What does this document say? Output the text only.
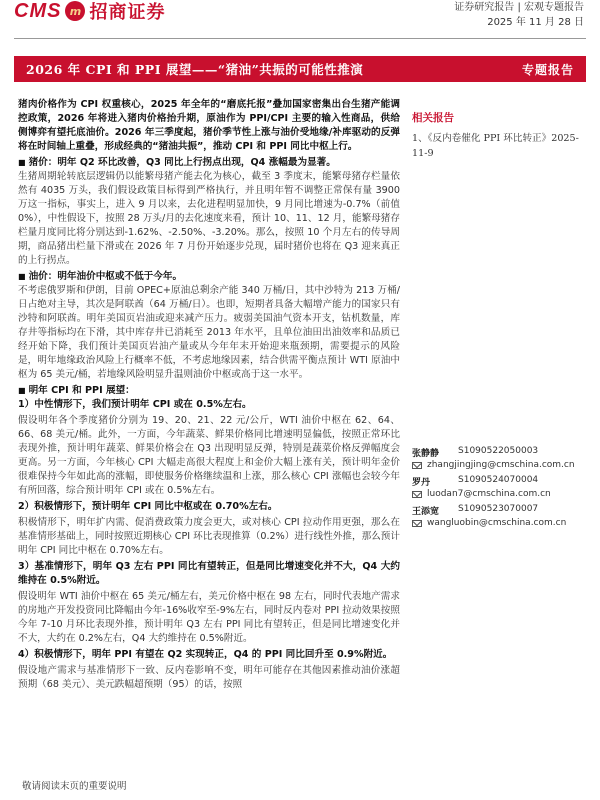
CMS m 招商证券	证券研究报告 | 宏观专题报告
2025 年 11 月 28 日
2026 年 CPI 和 PPI 展望——“猪油”共振的可能性推演	专题报告

猪肉价格作为 CPI 权重核心，2025 年全年的“磨底托报”叠加国家密集出台生猪产能调控政策，2026 年将进入猪肉价格抬升期，原油作为 PPI/CPI 主要的输入性商品，供给侧博弈有望托底油价。2026 年三季度起，猪价季节性上涨与油价受地缘/补库驱动的反弹将在时间轴上重叠，形成经典的“猪油共振”，推动 CPI 和 PPI 同比中枢上行。

■ 猪价：明年 Q2 环比改善，Q3 同比上行拐点出现，Q4 涨幅最为显著。

生猪周期轮转底层逻辑仍以能繁母猪产能去化为核心，截至 3 季度末，能繁母猪存栏量依然有 4035 万头，我们假设政策目标得到严格执行，并且明年暂不调整正常保有量 3900 万这一指标，事实上，进入 9 月以来，去化进程明显加快，9 月同比增速为-0.7%（前值 0%），中性假设下，按照 28 万头/月的去化速度来看，预计 10、11、12 月，能繁母猪存栏量月度同比将分别达到-1.62%、-2.50%、-3.20%。那么，按照 10 个月左右的传导周期，商品猪出栏量下滑或在 2026 年 7 月份开始逐步兑现，届时猪价也将在 Q3 迎来真正的上行拐点。

■ 油价：明年油价中枢或不低于今年。

不考虑俄罗斯和伊朗，目前 OPEC+原油总剩余产能 340 万桶/日，其中沙特为 213 万桶/日占绝对主导，其次是阿联酋（64 万桶/日）。也即，短期者具备大幅增产能力的国家只有沙特和阿联酋。明年美国页岩油或迎来减产压力。疲弱美国油气资本开支，钻机数量，库存井等指标均在下滑，其中库存井已消耗至 2013 年水平，且单位油田出油效率和品质已经开始下降，我们预计美国页岩油产量或从今年年末开始迎来瓶颈期，需要提示的风险是，明年地缘政治风险上行概率不低，不考虑地缘因素，结合供需平衡点预计 WTI 原油中枢为 65 美元/桶，若地缘风险明显升温则油价中枢或高于这一水平。

■ 明年 CPI 和 PPI 展望：

1）中性情形下，我们预计明年 CPI 或在 0.5%左右。

假设明年各个季度猪价分别为 19、20、21、22 元/公斤，WTI 油价中枢在 62、64、66、68 美元/桶。此外，一方面，今年蔬菜、鲜果价格同比增速明显偏低，按照正常环比表现外推，预计明年蔬菜、鲜果价格会在 Q3 出现明显反弹，特别是蔬菜价格反弹幅度会更高。另一方面，今年核心 CPI 大幅走高很大程度上和金价大幅上涨有关，预计明年金价很难保持今年如此高的涨幅，即使服务价格继续温和上涨，那么核心 CPI 涨幅也会较今年有所回落，综合预计明年 CPI 或在 0.5%左右。

2）积极情形下，预计明年 CPI 同比中枢或在 0.70%左右。

积极情形下，明年扩内需、促消费政策力度会更大，或对核心 CPI 拉动作用更强，那么在基准情形基础上，同时按照近期核心 CPI 环比表现推算（0.2%）进行线性外推，那么预计明年 CPI 同比中枢在 0.70%左右。

3）基准情形下，明年 Q3 左右 PPI 同比有望转正，但是同比增速变化并不大，Q4 大约维持在 0.5%附近。

假设明年 WTI 油价中枢在 65 美元/桶左右，美元价格中枢在 98 左右，同时代表地产需求的房地产开发投资同比降幅由今年-16%收窄至-9%左右，同时反内卷对 PPI 拉动效果按照今年 7-10 月环比表现外推，预计明年 Q3 左右 PPI 同比有望转正，但是同比增速变化并不大，大约在 0.2%左右，Q4 大约维持在 0.5%附近。

4）积极情形下，明年 PPI 有望在 Q2 实现转正，Q4 的 PPI 同比回升至 0.9%附近。

假设地产需求与基准情形下一致、反内卷影响不变，明年可能存在其他因素推动油价涨超预期（68 美元）、美元跌幅超预期（95）的话，按照

相关报告
1、《反内卷催化 PPI 环比转正》2025-11-9
张静静	S1090522050003
zhangjingjing@cmschina.com.cn
罗丹	S1090524070004
luodan7@cmschina.com.cn
王添宽	S1090523070007
wangluobin@cmschina.com.cn
敬请阅读末页的重要说明
